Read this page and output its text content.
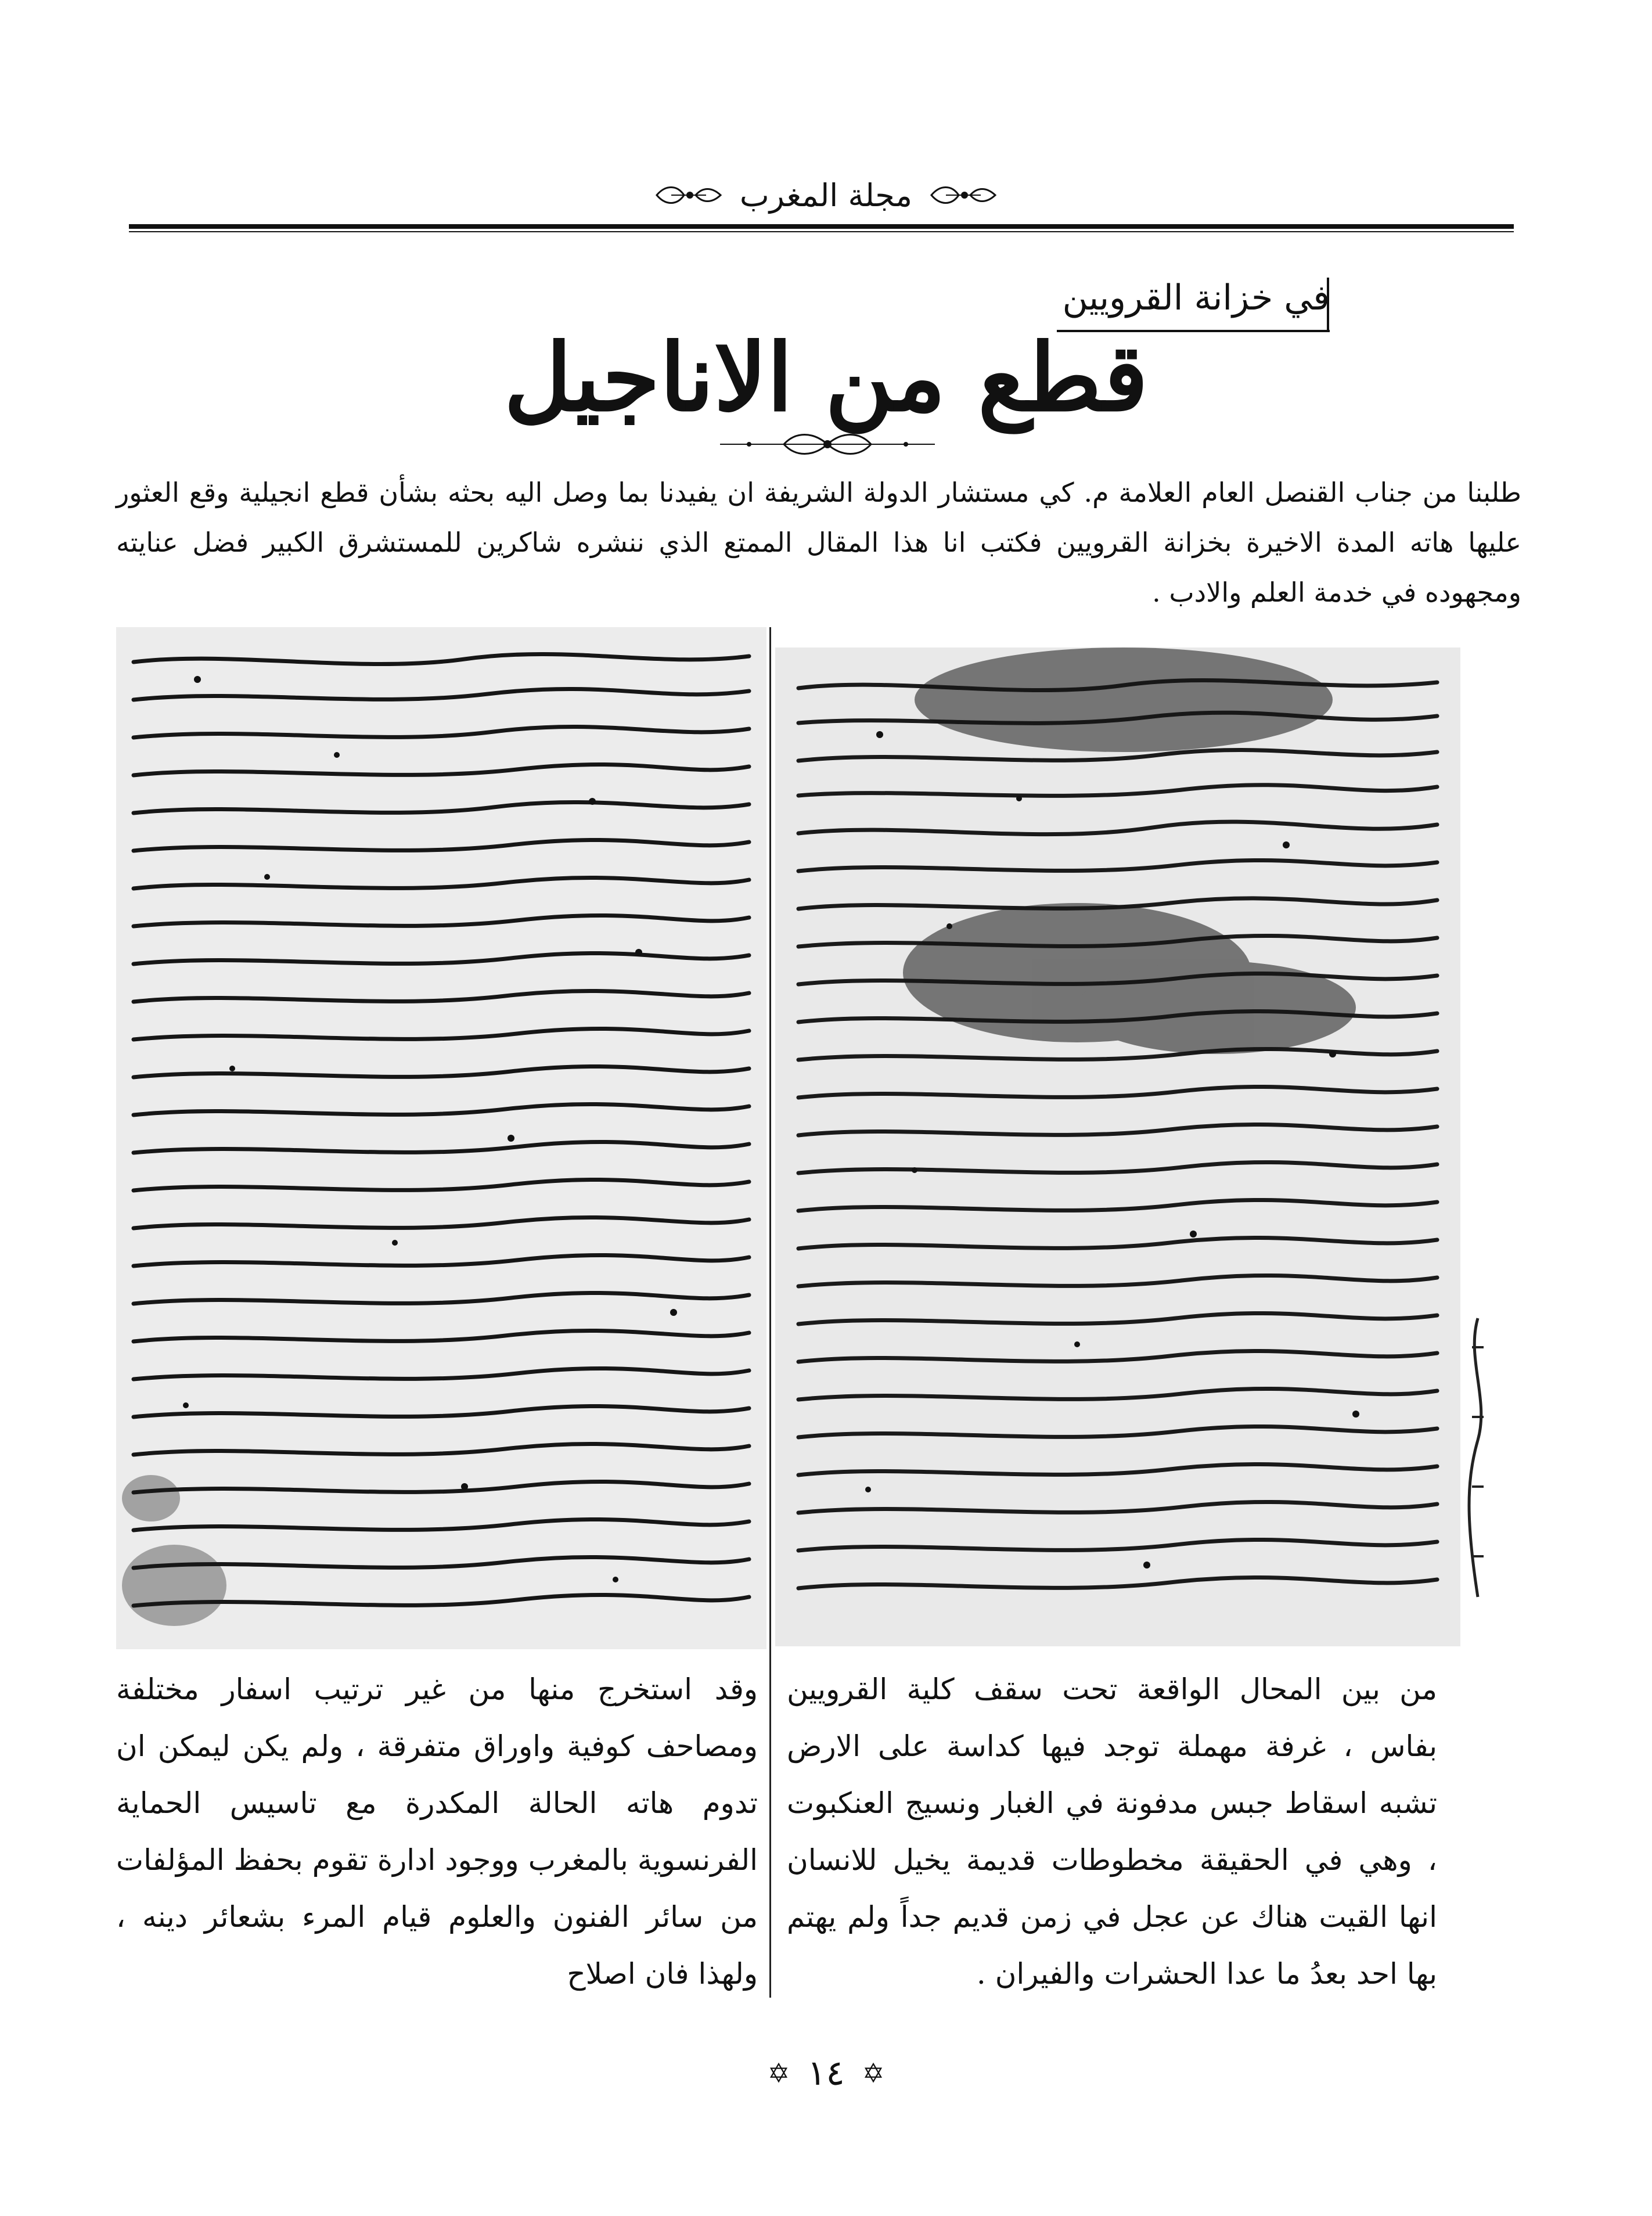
مجلة المغرب
في خزانة القرويين
قطع من الاناجيل
طلبنا من جناب القنصل العام العلامة م. كي مستشار الدولة الشريفة ان يفيدنا بما وصل اليه بحثه بشأن قطع انجيلية وقع العثور عليها هاته المدة الاخيرة بخزانة القرويين فكتب انا هذا المقال الممتع الذي ننشره شاكرين للمستشرق الكبير فضل عنايته ومجهوده في خدمة العلم والادب .

من بين المحال الواقعة تحت سقف كلية القرويين بفاس ، غرفة مهملة توجد فيها كداسة على الارض تشبه اسقاط جبس مدفونة في الغبار ونسيج العنكبوت ، وهي في الحقيقة مخطوطات قديمة يخيل للانسان انها القيت هناك عن عجل في زمن قديم جداً ولم يهتم بها احد بعدُ ما عدا الحشرات والفيران .

وقد استخرج منها من غير ترتيب اسفار مختلفة ومصاحف كوفية واوراق متفرقة ، ولم يكن ليمكن ان تدوم هاته الحالة المكدرة مع تاسيس الحماية الفرنسوية بالمغرب ووجود ادارة تقوم بحفظ المؤلفات من سائر الفنون والعلوم قيام المرء بشعائر دينه ، ولهذا فان اصلاح

✡ ١٤ ✡
